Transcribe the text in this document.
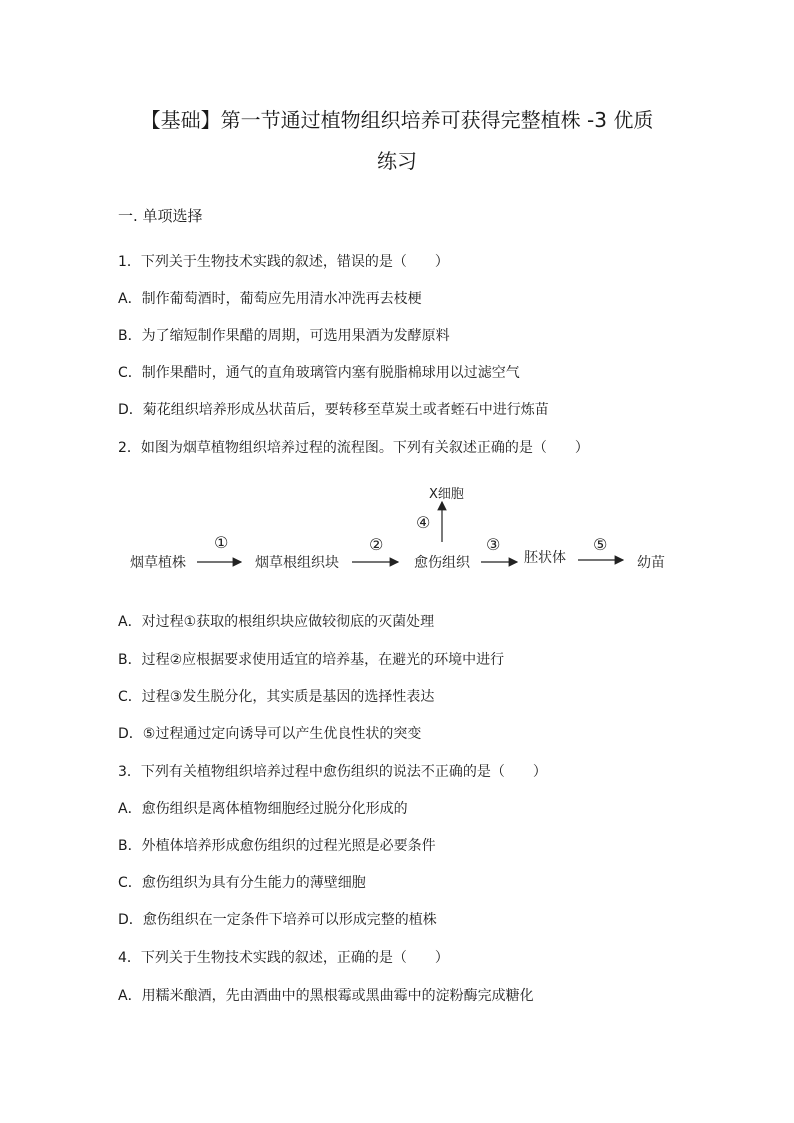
【基础】第一节通过植物组织培养可获得完整植株 -3 优质
练习
一. 单项选择
1．下列关于生物技术实践的叙述，错误的是（　　）
A．制作葡萄酒时，葡萄应先用清水冲洗再去枝梗
B．为了缩短制作果醋的周期，可选用果酒为发酵原料
C．制作果醋时，通气的直角玻璃管内塞有脱脂棉球用以过滤空气
D．菊花组织培养形成丛状苗后，要转移至草炭土或者蛭石中进行炼苗
2．如图为烟草植物组织培养过程的流程图。下列有关叙述正确的是（　　）
烟草植株	烟草根组织块	愈伤组织	胚状体	幼苗
X细胞
①	②	③
④
⑤
A．对过程①获取的根组织块应做较彻底的灭菌处理
B．过程②应根据要求使用适宜的培养基，在避光的环境中进行
C．过程③发生脱分化，其实质是基因的选择性表达
D．⑤过程通过定向诱导可以产生优良性状的突变
3．下列有关植物组织培养过程中愈伤组织的说法不正确的是（　　）
A．愈伤组织是离体植物细胞经过脱分化形成的
B．外植体培养形成愈伤组织的过程光照是必要条件
C．愈伤组织为具有分生能力的薄壁细胞
D．愈伤组织在一定条件下培养可以形成完整的植株
4．下列关于生物技术实践的叙述，正确的是（　　）
A．用糯米酿酒，先由酒曲中的黑根霉或黑曲霉中的淀粉酶完成糖化
